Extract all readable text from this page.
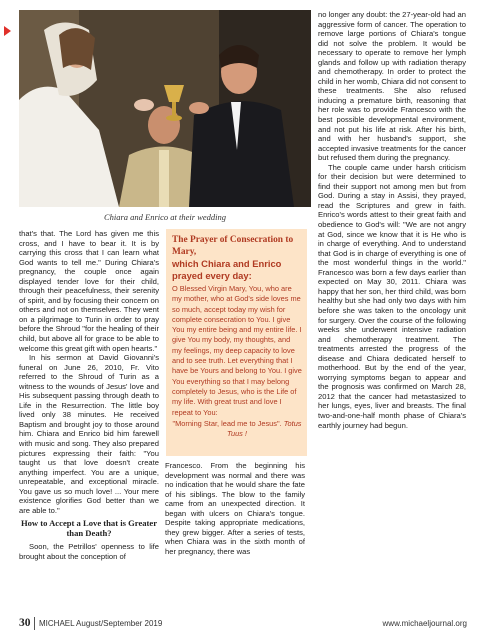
Chiara and Enrico at their wedding

that's that. The Lord has given me this cross, and I have to bear it. It is by carrying this cross that I can learn what God wants to tell me." During Chiara's pregnancy, the couple once again displayed tender love for their child, through their peacefulness, their serenity of spirit, and by focusing their concern on others and not on themselves. They went on a pilgrimage to Turin in order to pray before the Shroud "for the healing of their child, but above all for grace to be able to welcome this great gift with open hearts."

In his sermon at David Giovanni's funeral on June 26, 2010, Fr. Vito referred to the Shroud of Turin as a witness to the wounds of Jesus' love and His subsequent passing through death to Life in the Resurrection. The little boy lived only 38 minutes. He received Baptism and brought joy to those around him. Chiara and Enrico bid him farewell with music and song. They also prepared pictures expressing their faith: "You taught us that love doesn't create anything imperfect. You are a unique, unrepeatable, and exceptional miracle. You gave us so much love! ... Your mere existence glorifies God better than we are able to."

How to Accept a Love that is Greater than Death?

Soon, the Petrillos' openness to life brought about the conception of

The Prayer of Consecration to Mary,
which Chiara and Enrico prayed every day:
O Blessed Virgin Mary, You, who are my mother, who at God's side loves me so much, accept today my wish for complete consecration to You. I give You my entire being and my entire life. I give You my body, my thoughts, and my feelings, my deep capacity to love and to see truth. Let everything that I have be Yours and belong to You. I give You everything so that I may belong completely to Jesus, who is the Life of my life. With great trust and love I repeat to You:
"Morning Star, lead me to Jesus". Totus Tuus !

Francesco. From the beginning his development was normal and there was no indication that he would share the fate of his siblings. The blow to the family came from an unexpected direction. It began with ulcers on Chiara's tongue. Despite taking appropriate medications, they grew bigger. After a series of tests, when Chiara was in the sixth month of her pregnancy, there was

no longer any doubt: the 27-year-old had an aggressive form of cancer. The operation to remove large portions of Chiara's tongue did not solve the problem. It would be necessary to operate to remove her lymph glands and follow up with radiation therapy and chemotherapy. In order to protect the child in her womb, Chiara did not consent to these treatments. She also refused inducing a premature birth, reasoning that her role was to provide Francesco with the best possible developmental environment, and not put his life at risk. After his birth, and with her husband's support, she accepted invasive treatments for the cancer but refused them during the pregnancy.

The couple came under harsh criticism for their decision but were determined to find their support not among men but from God. During a stay in Assisi, they prayed, read the Scriptures and grew in faith. Enrico's words attest to their great faith and obedience to God's will: "We are not angry at God, since we know that it is He who is in charge of everything. And to understand that God is in charge of everything is one of the most wonderful things in the world." Francesco was born a few days earlier than expected on May 30, 2011. Chiara was happy that her son, her third child, was born healthy but she had only two days with him before she was taken to the oncology unit for surgery. Over the course of the following weeks she underwent intensive radiation and chemotherapy treatment. The treatments arrested the progress of the disease and Chiara dedicated herself to motherhood. But by the end of the year, worrying symptoms began to appear and the prognosis was confirmed on March 28, 2012 that the cancer had metastasized to her lungs, eyes, liver and breasts. The final two-and-one-half month phase of Chiara's earthly journey had begun.

30 MICHAEL August/September 2019	www.michaeljournal.org
